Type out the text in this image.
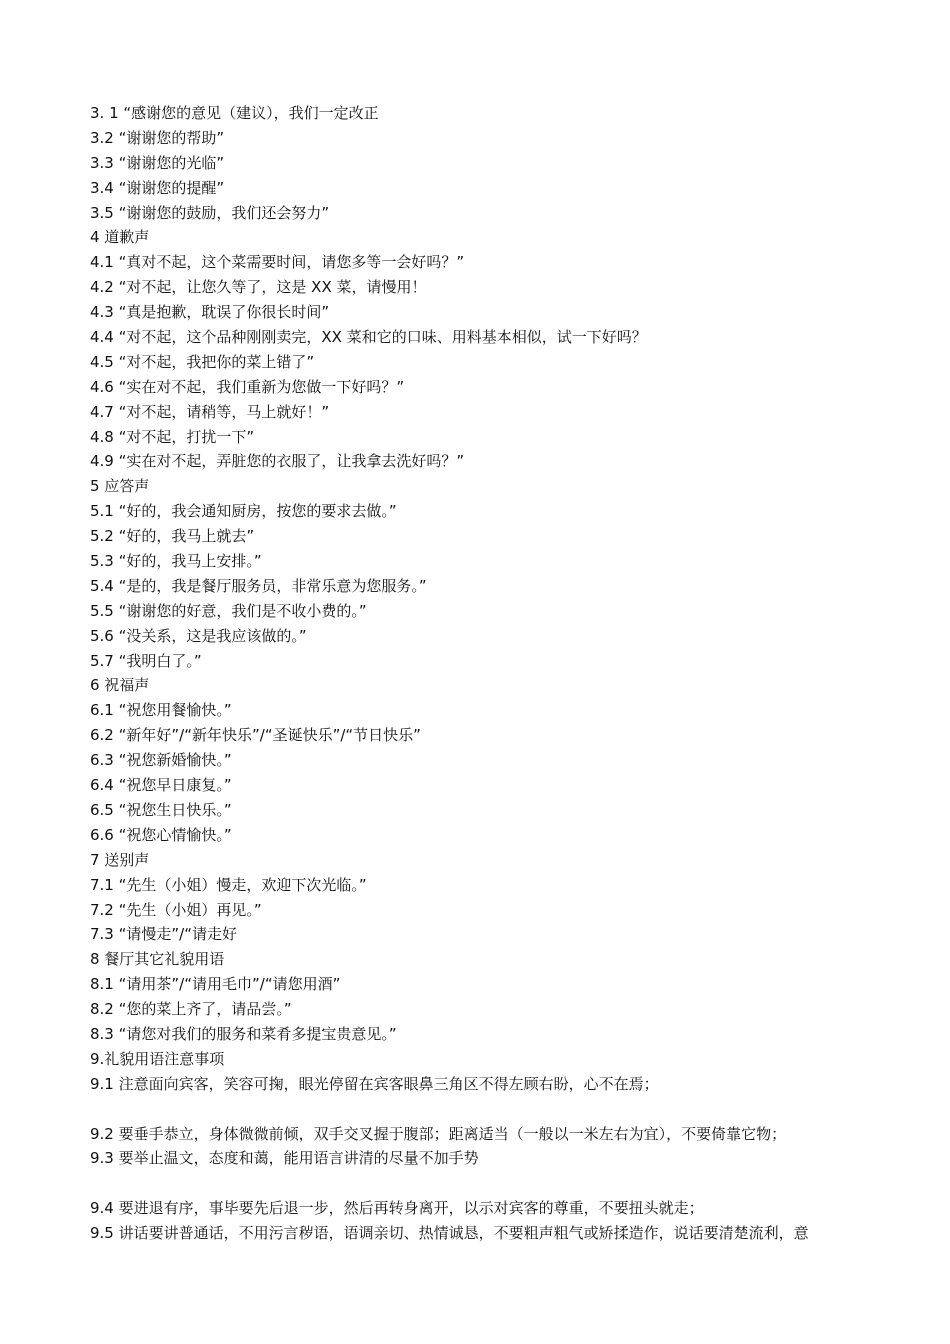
3. 1 “感谢您的意见（建议），我们一定改正
3.2 “谢谢您的帮助”
3.3 “谢谢您的光临”
3.4 “谢谢您的提醒”
3.5 “谢谢您的鼓励，我们还会努力”
4 道歉声
4.1 “真对不起，这个菜需要时间，请您多等一会好吗？”
4.2 “对不起，让您久等了，这是 XX 菜，请慢用！
4.3 “真是抱歉，耽误了你很长时间”
4.4 “对不起，这个品种刚刚卖完，XX 菜和它的口味、用料基本相似，试一下好吗？
4.5 “对不起，我把你的菜上错了”
4.6 “实在对不起，我们重新为您做一下好吗？”
4.7 “对不起，请稍等，马上就好！”
4.8 “对不起，打扰一下”
4.9 “实在对不起，弄脏您的衣服了，让我拿去洗好吗？”
5 应答声
5.1 “好的，我会通知厨房，按您的要求去做。”
5.2 “好的，我马上就去”
5.3 “好的，我马上安排。”
5.4 “是的，我是餐厅服务员，非常乐意为您服务。”
5.5 “谢谢您的好意，我们是不收小费的。”
5.6 “没关系，这是我应该做的。”
5.7 “我明白了。”
6 祝福声
6.1 “祝您用餐愉快。”
6.2 “新年好”/“新年快乐”/“圣诞快乐”/“节日快乐”
6.3 “祝您新婚愉快。”
6.4 “祝您早日康复。”
6.5 “祝您生日快乐。”
6.6 “祝您心情愉快。”
7 送别声
7.1 “先生（小姐）慢走，欢迎下次光临。”
7.2 “先生（小姐）再见。”
7.3 “请慢走”/“请走好
8 餐厅其它礼貌用语
8.1 “请用茶”/“请用毛巾”/“请您用酒”
8.2 “您的菜上齐了，请品尝。”
8.3 “请您对我们的服务和菜肴多提宝贵意见。”
9.礼貌用语注意事项
9.1 注意面向宾客，笑容可掬，眼光停留在宾客眼鼻三角区不得左顾右盼，心不在焉；
9.2 要垂手恭立，身体微微前倾，双手交叉握于腹部；距离适当（一般以一米左右为宜），不要倚靠它物；
9.3 要举止温文，态度和蔼，能用语言讲清的尽量不加手势
9.4 要进退有序，事毕要先后退一步，然后再转身离开，以示对宾客的尊重，不要扭头就走；
9.5 讲话要讲普通话，不用污言秽语，语调亲切、热情诚恳，不要粗声粗气或矫揉造作，说话要清楚流利，意
